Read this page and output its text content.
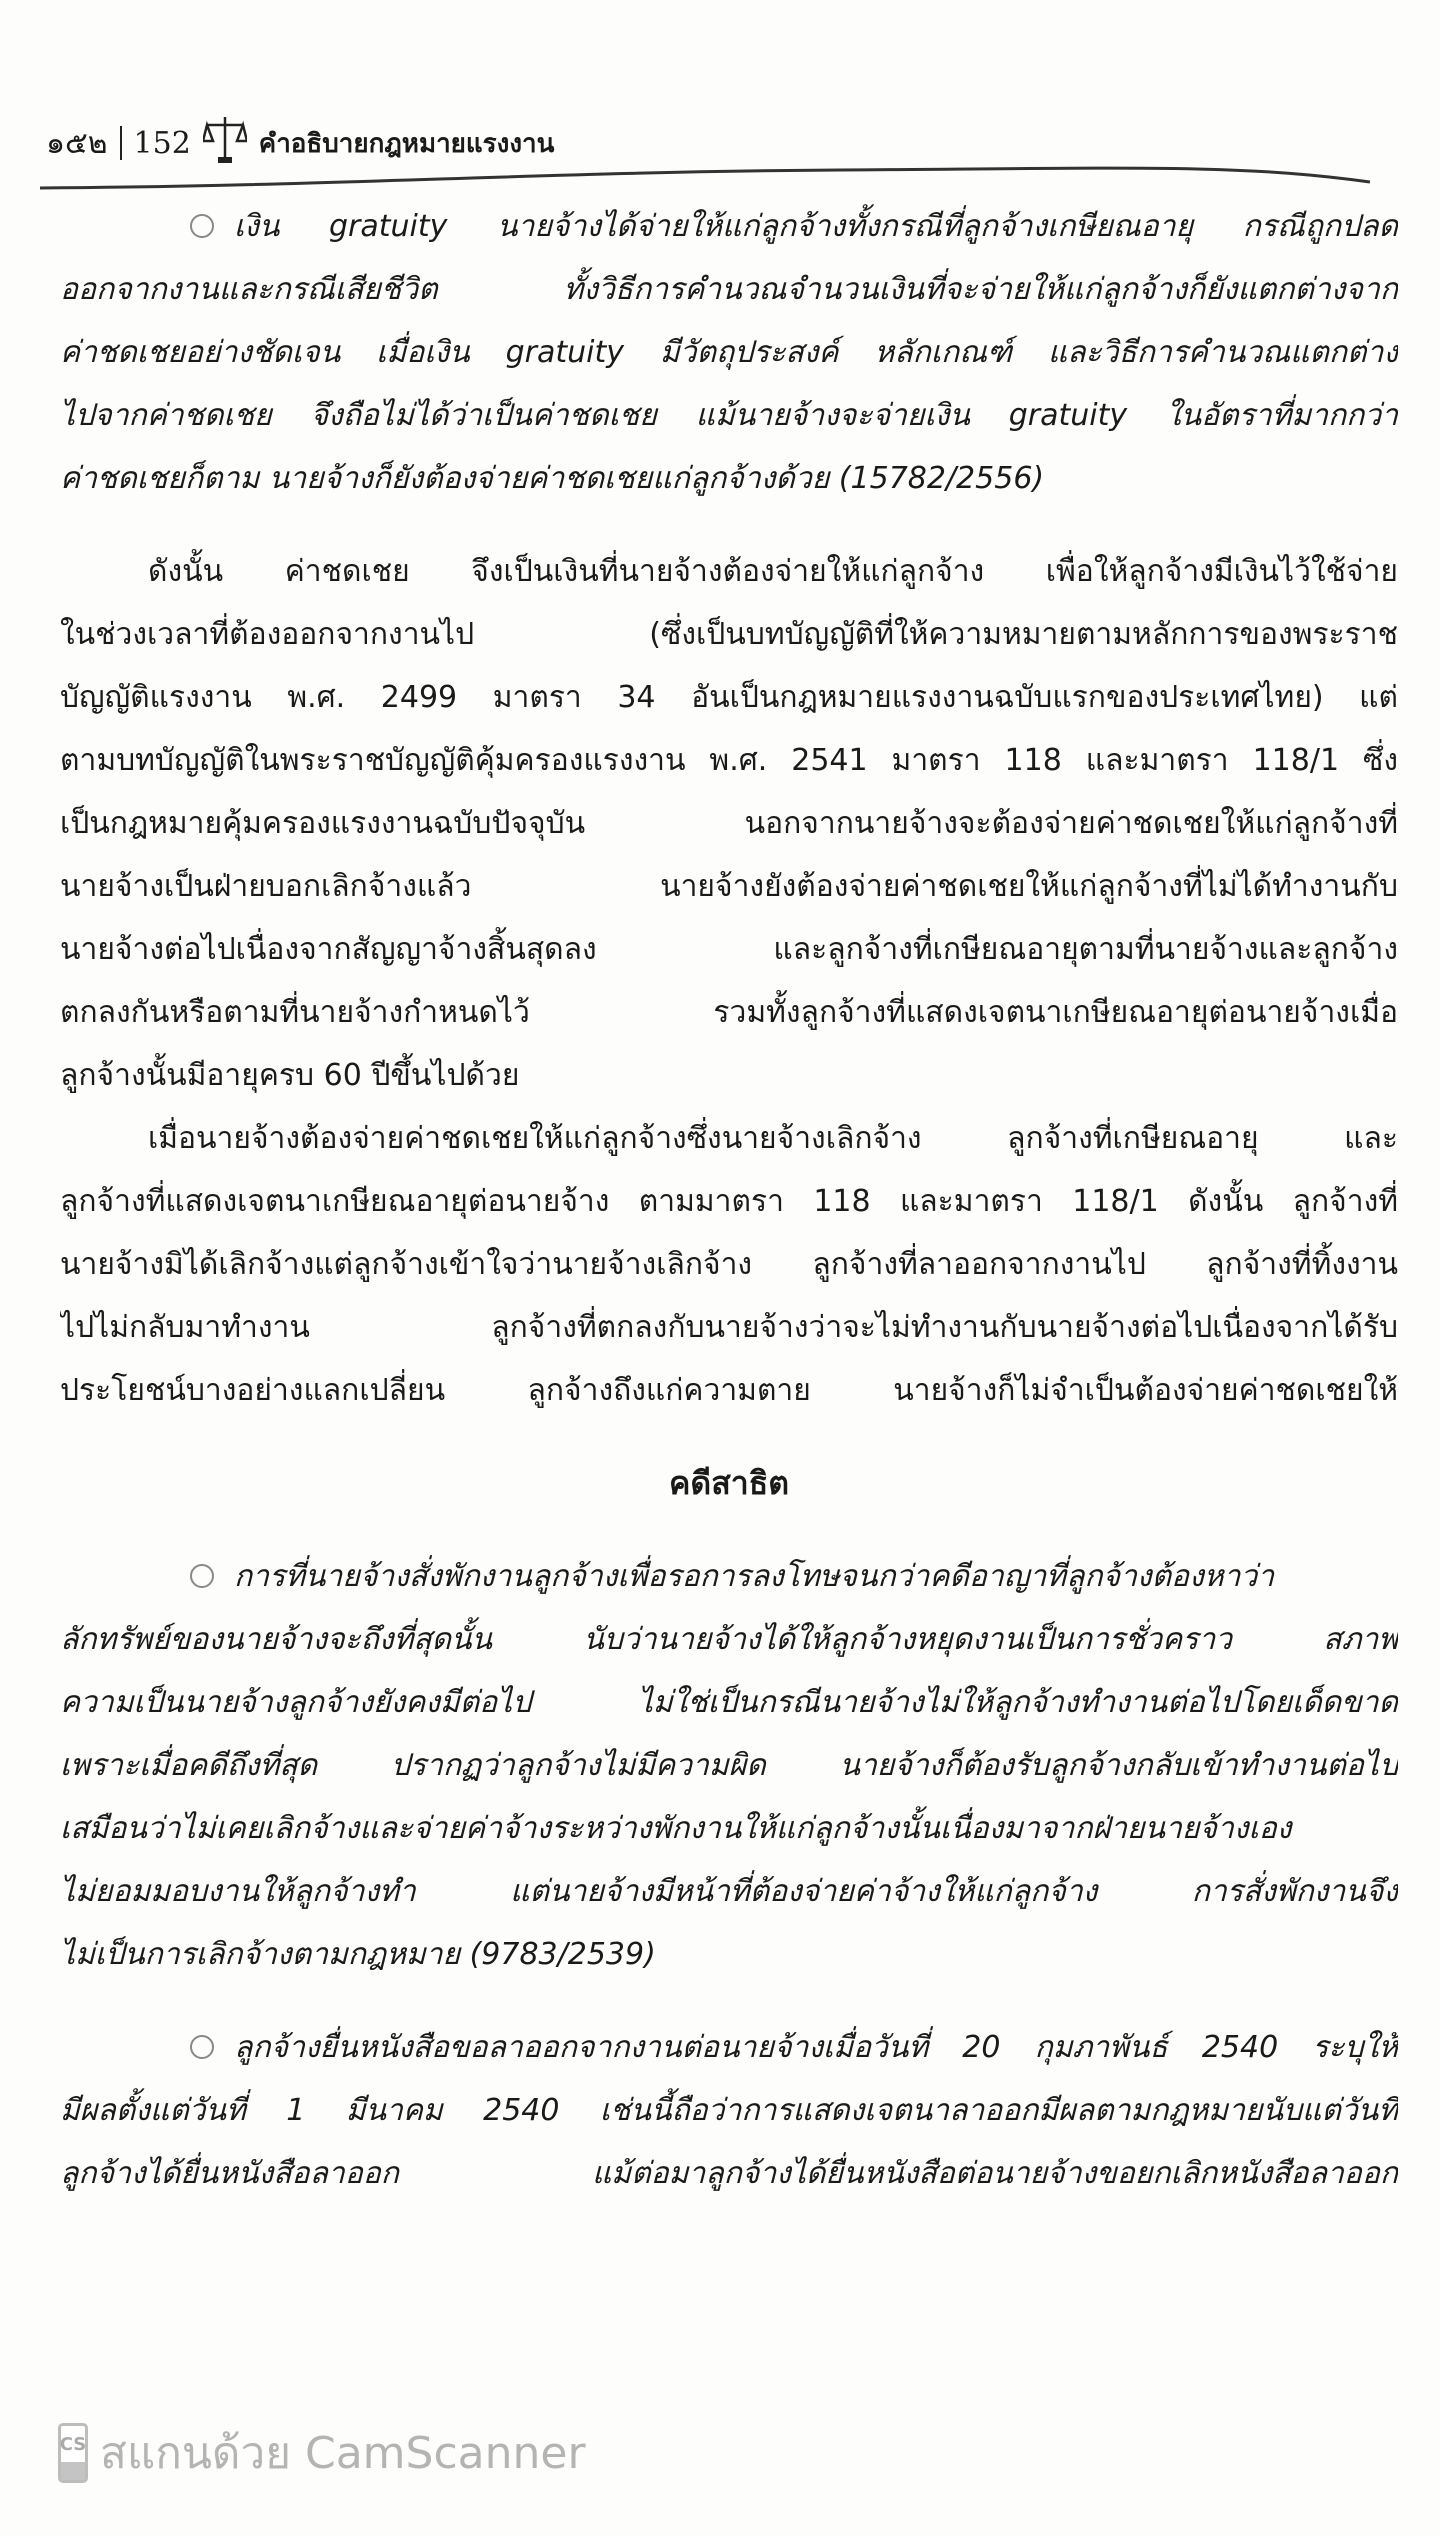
๑๕๒ 152	คำอธิบายกฎหมายแรงงาน
เงิน gratuity นายจ้างได้จ่ายให้แก่ลูกจ้างทั้งกรณีที่ลูกจ้างเกษียณอายุ กรณีถูกปลด
ออกจากงานและกรณีเสียชีวิต ทั้งวิธีการคำนวณจำนวนเงินที่จะจ่ายให้แก่ลูกจ้างก็ยังแตกต่างจาก
ค่าชดเชยอย่างชัดเจน เมื่อเงิน gratuity มีวัตถุประสงค์ หลักเกณฑ์ และวิธีการคำนวณแตกต่าง
ไปจากค่าชดเชย จึงถือไม่ได้ว่าเป็นค่าชดเชย แม้นายจ้างจะจ่ายเงิน gratuity ในอัตราที่มากกว่า
ค่าชดเชยก็ตาม นายจ้างก็ยังต้องจ่ายค่าชดเชยแก่ลูกจ้างด้วย (15782/2556)
ดังนั้น ค่าชดเชย จึงเป็นเงินที่นายจ้างต้องจ่ายให้แก่ลูกจ้าง เพื่อให้ลูกจ้างมีเงินไว้ใช้จ่าย
ในช่วงเวลาที่ต้องออกจากงานไป (ซึ่งเป็นบทบัญญัติที่ให้ความหมายตามหลักการของพระราช
บัญญัติแรงงาน พ.ศ. 2499 มาตรา 34 อันเป็นกฎหมายแรงงานฉบับแรกของประเทศไทย) แต่
ตามบทบัญญัติในพระราชบัญญัติคุ้มครองแรงงาน พ.ศ. 2541 มาตรา 118 และมาตรา 118/1 ซึ่ง
เป็นกฎหมายคุ้มครองแรงงานฉบับปัจจุบัน นอกจากนายจ้างจะต้องจ่ายค่าชดเชยให้แก่ลูกจ้างที่
นายจ้างเป็นฝ่ายบอกเลิกจ้างแล้ว นายจ้างยังต้องจ่ายค่าชดเชยให้แก่ลูกจ้างที่ไม่ได้ทำงานกับ
นายจ้างต่อไปเนื่องจากสัญญาจ้างสิ้นสุดลง และลูกจ้างที่เกษียณอายุตามที่นายจ้างและลูกจ้าง
ตกลงกันหรือตามที่นายจ้างกำหนดไว้ รวมทั้งลูกจ้างที่แสดงเจตนาเกษียณอายุต่อนายจ้างเมื่อ
ลูกจ้างนั้นมีอายุครบ 60 ปีขึ้นไปด้วย
เมื่อนายจ้างต้องจ่ายค่าชดเชยให้แก่ลูกจ้างซึ่งนายจ้างเลิกจ้าง ลูกจ้างที่เกษียณอายุ และ
ลูกจ้างที่แสดงเจตนาเกษียณอายุต่อนายจ้าง ตามมาตรา 118 และมาตรา 118/1 ดังนั้น ลูกจ้างที่
นายจ้างมิได้เลิกจ้างแต่ลูกจ้างเข้าใจว่านายจ้างเลิกจ้าง ลูกจ้างที่ลาออกจากงานไป ลูกจ้างที่ทิ้งงาน
ไปไม่กลับมาทำงาน ลูกจ้างที่ตกลงกับนายจ้างว่าจะไม่ทำงานกับนายจ้างต่อไปเนื่องจากได้รับ
ประโยชน์บางอย่างแลกเปลี่ยน ลูกจ้างถึงแก่ความตาย นายจ้างก็ไม่จำเป็นต้องจ่ายค่าชดเชยให้
คดีสาธิต
การที่นายจ้างสั่งพักงานลูกจ้างเพื่อรอการลงโทษจนกว่าคดีอาญาที่ลูกจ้างต้องหาว่า
ลักทรัพย์ของนายจ้างจะถึงที่สุดนั้น นับว่านายจ้างได้ให้ลูกจ้างหยุดงานเป็นการชั่วคราว สภาพ
ความเป็นนายจ้างลูกจ้างยังคงมีต่อไป ไม่ใช่เป็นกรณีนายจ้างไม่ให้ลูกจ้างทำงานต่อไปโดยเด็ดขาด
เพราะเมื่อคดีถึงที่สุด ปรากฏว่าลูกจ้างไม่มีความผิด นายจ้างก็ต้องรับลูกจ้างกลับเข้าทำงานต่อไป
เสมือนว่าไม่เคยเลิกจ้างและจ่ายค่าจ้างระหว่างพักงานให้แก่ลูกจ้างนั้นเนื่องมาจากฝ่ายนายจ้างเอง
ไม่ยอมมอบงานให้ลูกจ้างทำ แต่นายจ้างมีหน้าที่ต้องจ่ายค่าจ้างให้แก่ลูกจ้าง การสั่งพักงานจึง
ไม่เป็นการเลิกจ้างตามกฎหมาย (9783/2539)
ลูกจ้างยื่นหนังสือขอลาออกจากงานต่อนายจ้างเมื่อวันที่ 20 กุมภาพันธ์ 2540 ระบุให้
มีผลตั้งแต่วันที่ 1 มีนาคม 2540 เช่นนี้ถือว่าการแสดงเจตนาลาออกมีผลตามกฎหมายนับแต่วันที่
ลูกจ้างได้ยื่นหนังสือลาออก แม้ต่อมาลูกจ้างได้ยื่นหนังสือต่อนายจ้างขอยกเลิกหนังสือลาออก
CS สแกนด้วย CamScanner
